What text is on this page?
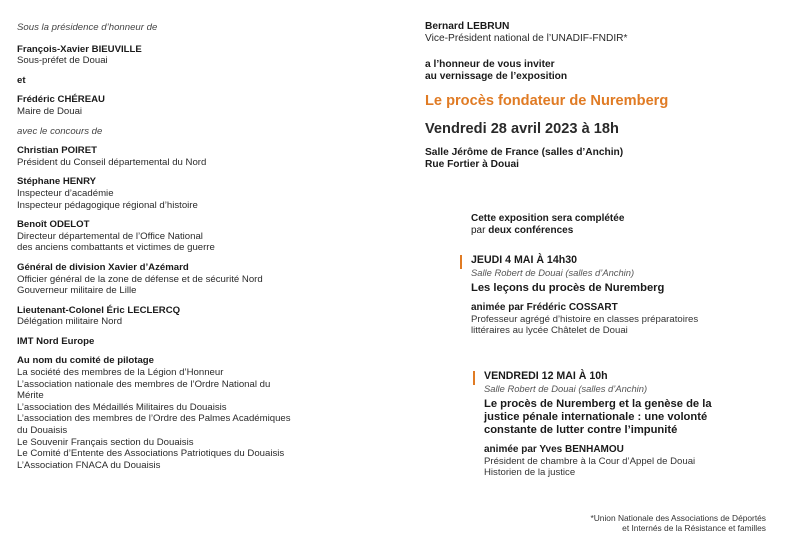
Sous la présidence d’honneur de
François-Xavier BIEUVILLE
Sous-préfet de Douai
et
Frédéric CHÉREAU
Maire de Douai
avec le concours de
Christian POIRET
Président du Conseil départemental du Nord
Stéphane HENRY
Inspecteur d’académie
Inspecteur pédagogique régional d’histoire
Benoît ODELOT
Directeur départemental de l’Office National
des anciens combattants et victimes de guerre
Général de division Xavier d’Azémard
Officier général de la zone de défense et de sécurité Nord
Gouverneur militaire de Lille
Lieutenant-Colonel Éric LECLERCQ
Délégation militaire Nord
IMT Nord Europe
Au nom du comité de pilotage
La société des membres de la Légion d’Honneur
L’association nationale des membres de l’Ordre National du
Mérite
L’association des Médaillés Militaires du Douaisis
L’association des membres de l’Ordre des Palmes Académiques
du Douaisis
Le Souvenir Français section du Douaisis
Le Comité d’Entente des Associations Patriotiques du Douaisis
L’Association FNACA du Douaisis
Bernard LEBRUN
Vice-Président national de l’UNADIF-FNDIR*
a l’honneur de vous inviter
au vernissage de l’exposition
Le procès fondateur de Nuremberg
Vendredi 28 avril 2023 à 18h
Salle Jérôme de France (salles d’Anchin)
Rue Fortier à Douai
Cette exposition sera complétée
par deux conférences
JEUDI 4 MAI À 14h30
Salle Robert de Douai (salles d’Anchin)
Les leçons du procès de Nuremberg
animée par Frédéric COSSART
Professeur agrégé d’histoire en classes préparatoires
littéraires au lycée Châtelet de Douai
VENDREDI 12 MAI À 10h
Salle Robert de Douai (salles d’Anchin)
Le procès de Nuremberg et la genèse de la
justice pénale internationale : une volonté
constante de lutter contre l’impunité
animée par Yves BENHAMOU
Président de chambre à la Cour d’Appel de Douai
Historien de la justice
*Union Nationale des Associations de Déportés
et Internés de la Résistance et familles
